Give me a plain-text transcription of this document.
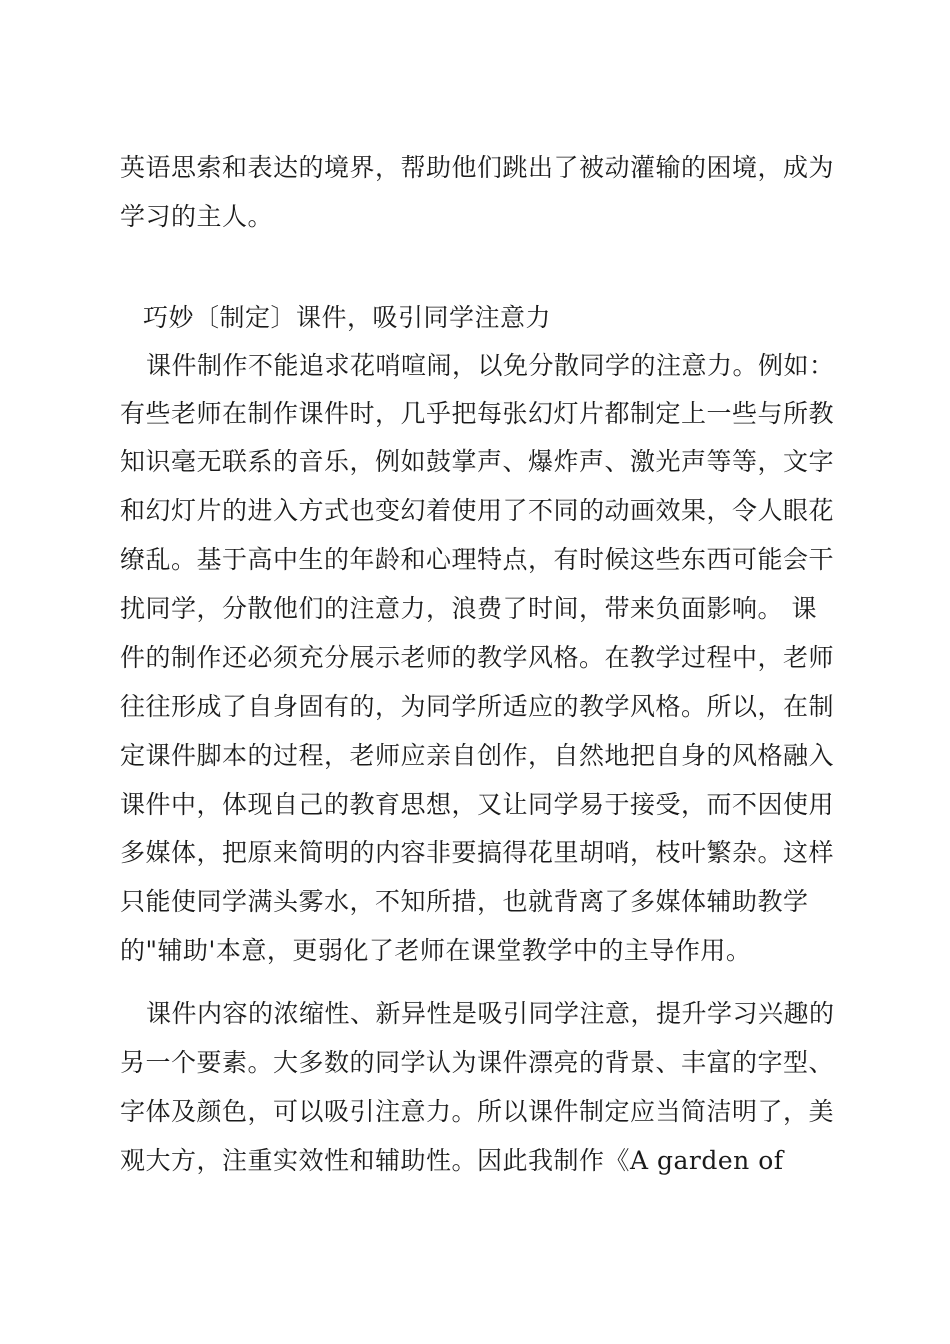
英语思索和表达的境界，帮助他们跳出了被动灌输的困境，成为
学习的主人。
巧妙〔制定〕课件，吸引同学注意力
课件制作不能追求花哨喧闹，以免分散同学的注意力。例如：
有些老师在制作课件时，几乎把每张幻灯片都制定上一些与所教
知识毫无联系的音乐，例如鼓掌声、爆炸声、激光声等等，文字
和幻灯片的进入方式也变幻着使用了不同的动画效果，令人眼花
缭乱。基于高中生的年龄和心理特点，有时候这些东西可能会干
扰同学，分散他们的注意力，浪费了时间，带来负面影响。 课
件的制作还必须充分展示老师的教学风格。在教学过程中，老师
往往形成了自身固有的，为同学所适应的教学风格。所以，在制
定课件脚本的过程，老师应亲自创作，自然地把自身的风格融入
课件中，体现自己的教育思想，又让同学易于接受，而不因使用
多媒体，把原来简明的内容非要搞得花里胡哨，枝叶繁杂。这样
只能使同学满头雾水，不知所措，也就背离了多媒体辅助教学
的"辅助'本意，更弱化了老师在课堂教学中的主导作用。
课件内容的浓缩性、新异性是吸引同学注意，提升学习兴趣的
另一个要素。大多数的同学认为课件漂亮的背景、丰富的字型、
字体及颜色，可以吸引注意力。所以课件制定应当简洁明了，美
观大方，注重实效性和辅助性。因此我制作《A garden of
